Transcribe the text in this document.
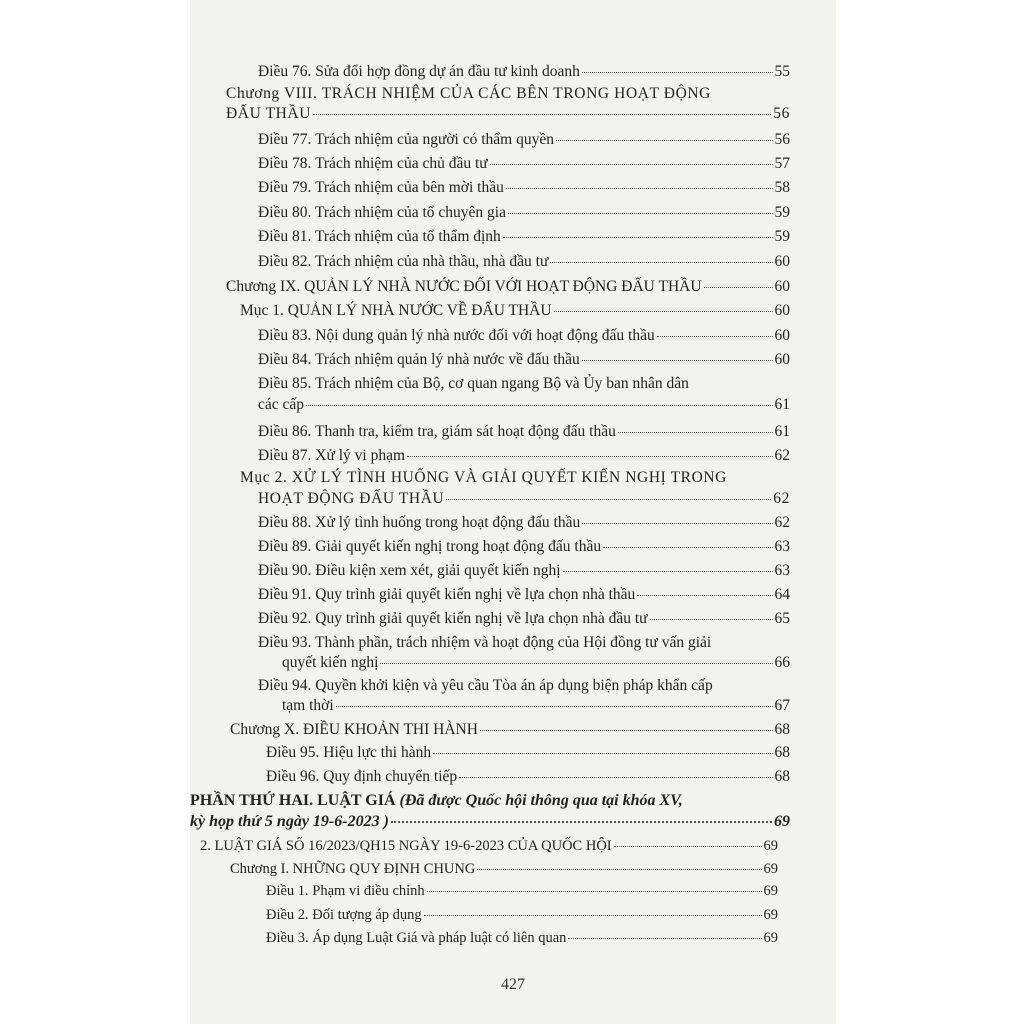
Điều 76. Sửa đổi hợp đồng dự án đầu tư kinh doanh	55
Chương VIII. TRÁCH NHIỆM CỦA CÁC BÊN TRONG HOẠT ĐỘNG
ĐẤU THẦU	56
Điều 77. Trách nhiệm của người có thẩm quyền	56
Điều 78. Trách nhiệm của chủ đầu tư	57
Điều 79. Trách nhiệm của bên mời thầu	58
Điều 80. Trách nhiệm của tổ chuyên gia	59
Điều 81. Trách nhiệm của tổ thẩm định	59
Điều 82. Trách nhiệm của nhà thầu, nhà đầu tư	60
Chương IX. QUẢN LÝ NHÀ NƯỚC ĐỐI VỚI HOẠT ĐỘNG ĐẤU THẦU	60
Mục 1. QUẢN LÝ NHÀ NƯỚC VỀ ĐẤU THẦU	60
Điều 83. Nội dung quản lý nhà nước đối với hoạt động đấu thầu	60
Điều 84. Trách nhiệm quản lý nhà nước về đấu thầu	60
Điều 85. Trách nhiệm của Bộ, cơ quan ngang Bộ và Ủy ban nhân dân
các cấp	61
Điều 86. Thanh tra, kiểm tra, giám sát hoạt động đấu thầu	61
Điều 87. Xử lý vi phạm	62
Mục 2. XỬ LÝ TÌNH HUỐNG VÀ GIẢI QUYẾT KIẾN NGHỊ TRONG
HOẠT ĐỘNG ĐẤU THẦU	62
Điều 88. Xử lý tình huống trong hoạt động đấu thầu	62
Điều 89. Giải quyết kiến nghị trong hoạt động đấu thầu	63
Điều 90. Điều kiện xem xét, giải quyết kiến nghị	63
Điều 91. Quy trình giải quyết kiến nghị về lựa chọn nhà thầu	64
Điều 92. Quy trình giải quyết kiến nghị về lựa chọn nhà đầu tư	65
Điều 93. Thành phần, trách nhiệm và hoạt động của Hội đồng tư vấn giải
quyết kiến nghị	66
Điều 94. Quyền khởi kiện và yêu cầu Tòa án áp dụng biện pháp khẩn cấp
tạm thời	67
Chương X. ĐIỀU KHOẢN THI HÀNH	68
Điều 95. Hiệu lực thi hành	68
Điều 96. Quy định chuyển tiếp	68
PHẦN THỨ HAI. LUẬT GIÁ (Đã được Quốc hội thông qua tại khóa XV,
kỳ họp thứ 5 ngày 19-6-2023 )	69
2. LUẬT GIÁ SỐ 16/2023/QH15 NGÀY 19-6-2023 CỦA QUỐC HỘI	69
Chương I. NHỮNG QUY ĐỊNH CHUNG	69
Điều 1. Phạm vi điều chỉnh	69
Điều 2. Đối tượng áp dụng	69
Điều 3. Áp dụng Luật Giá và pháp luật có liên quan	69
427
